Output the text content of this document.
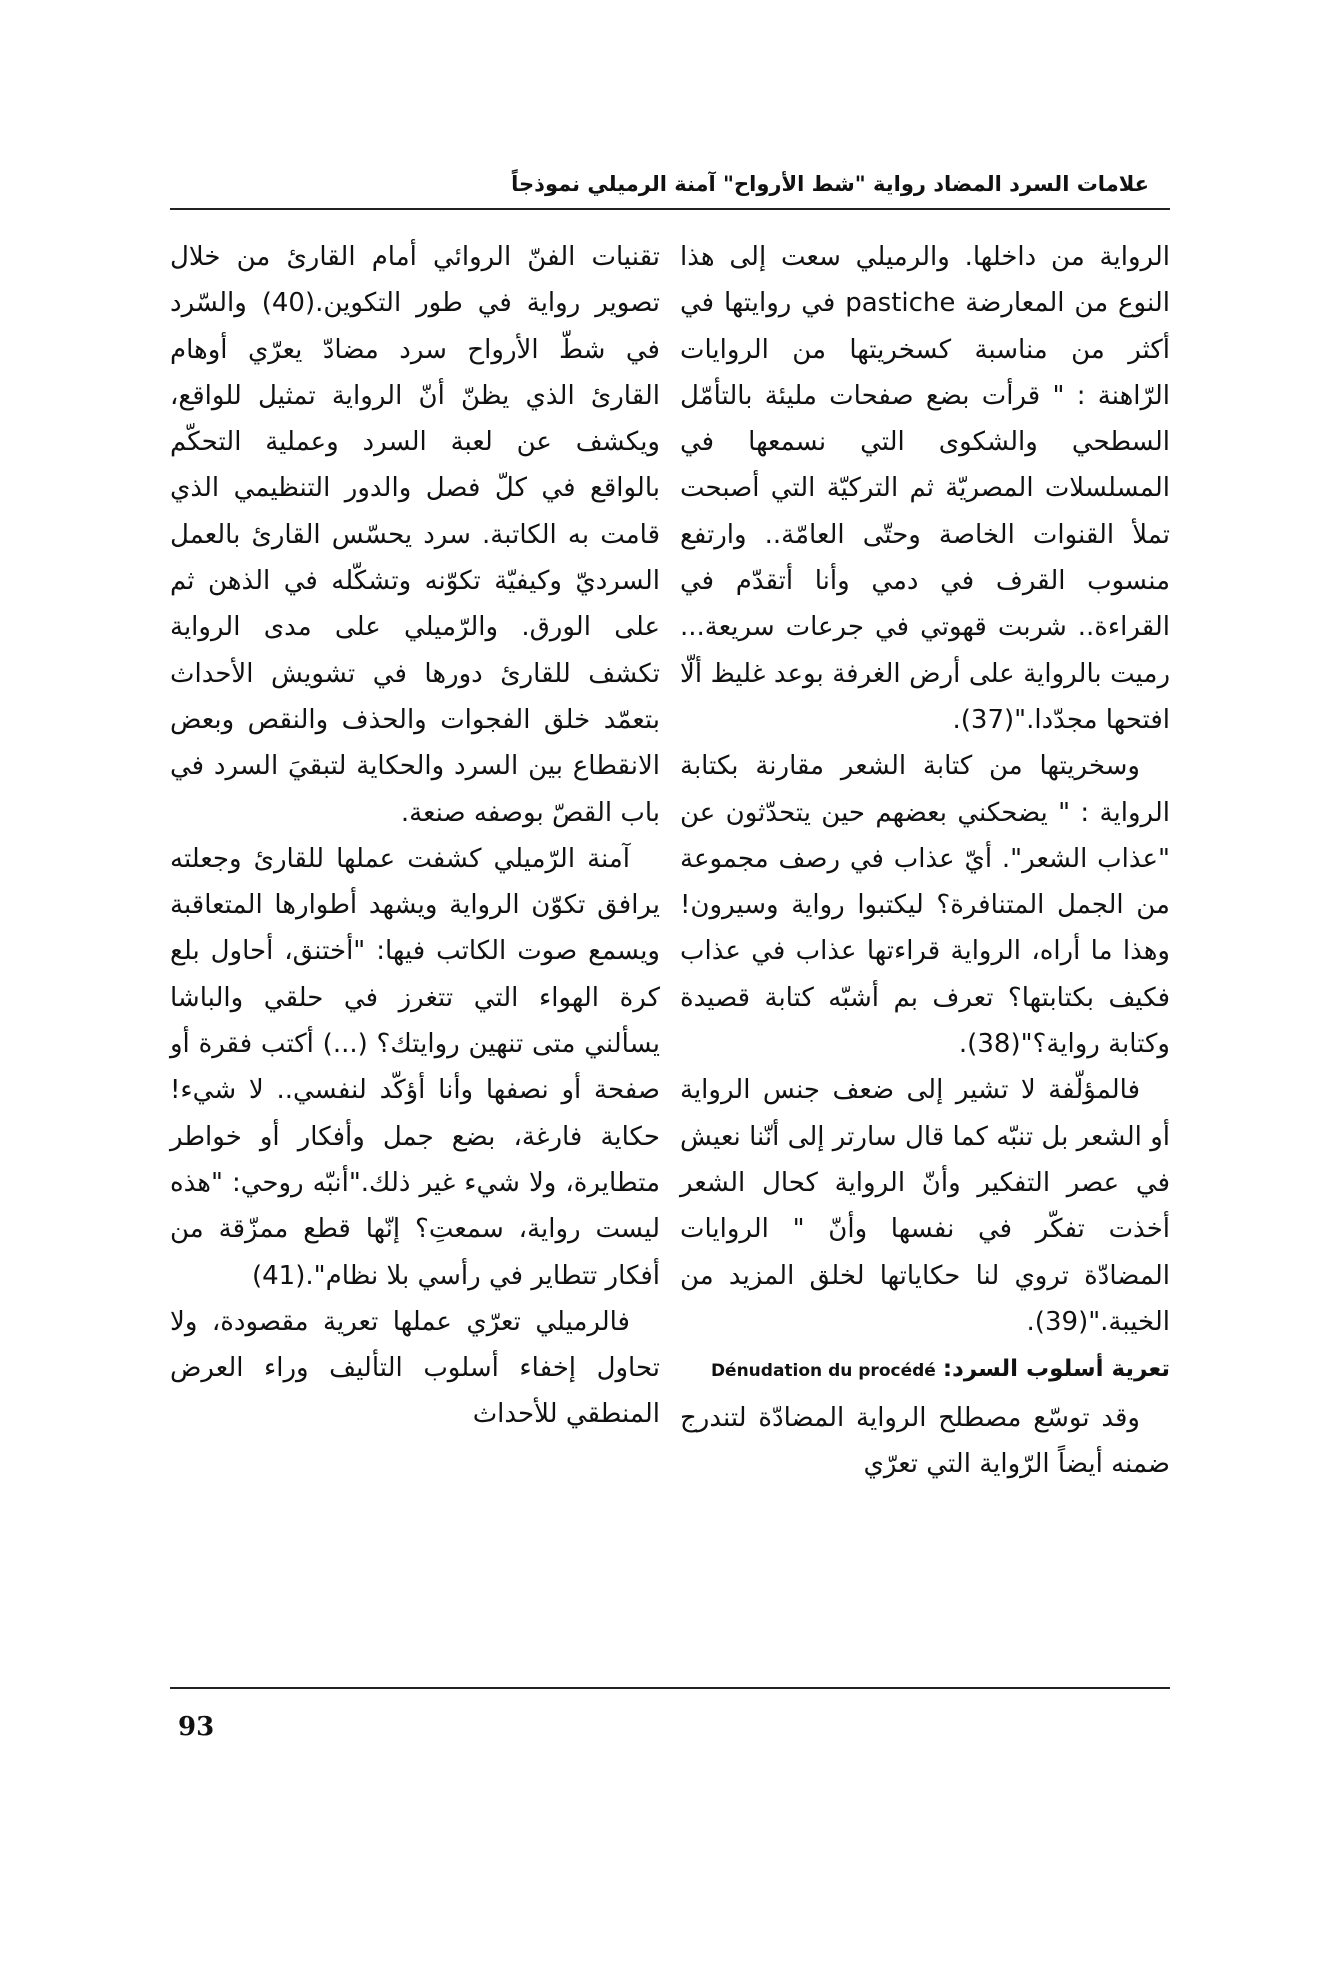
علامات السرد المضاد رواية "شط الأرواح" آمنة الرميلي نموذجاً

الرواية من داخلها. والرميلي سعت إلى هذا النوع من المعارضة pastiche في روايتها في أكثر من مناسبة كسخريتها من الروايات الرّاهنة : " قرأت بضع صفحات مليئة بالتأمّل السطحي والشكوى التي نسمعها في المسلسلات المصريّة ثم التركيّة التي أصبحت تملأ القنوات الخاصة وحتّى العامّة.. وارتفع منسوب القرف في دمي وأنا أتقدّم في القراءة.. شربت قهوتي في جرعات سريعة... رميت بالرواية على أرض الغرفة بوعد غليظ ألّا افتحها مجدّدا."(37).

وسخريتها من كتابة الشعر مقارنة بكتابة الرواية : " يضحكني بعضهم حين يتحدّثون عن "عذاب الشعر". أيّ عذاب في رصف مجموعة من الجمل المتنافرة؟ ليكتبوا رواية وسيرون! وهذا ما أراه، الرواية قراءتها عذاب في عذاب فكيف بكتابتها؟ تعرف بم أشبّه كتابة قصيدة وكتابة رواية؟"(38).

فالمؤلّفة لا تشير إلى ضعف جنس الرواية أو الشعر بل تنبّه كما قال سارتر إلى أنّنا نعيش في عصر التفكير وأنّ الرواية كحال الشعر أخذت تفكّر في نفسها وأنّ " الروايات المضادّة تروي لنا حكاياتها لخلق المزيد من الخيبة."(39).

تعرية أسلوب السرد: Dénudation du procédé

وقد توسّع مصطلح الرواية المضادّة لتندرج ضمنه أيضاً الرّواية التي تعرّي

تقنيات الفنّ الروائي أمام القارئ من خلال تصوير رواية في طور التكوين.(40) والسّرد في شطّ الأرواح سرد مضادّ يعرّي أوهام القارئ الذي يظنّ أنّ الرواية تمثيل للواقع، ويكشف عن لعبة السرد وعملية التحكّم بالواقع في كلّ فصل والدور التنظيمي الذي قامت به الكاتبة. سرد يحسّس القارئ بالعمل السرديّ وكيفيّة تكوّنه وتشكّله في الذهن ثم على الورق. والرّميلي على مدى الرواية تكشف للقارئ دورها في تشويش الأحداث بتعمّد خلق الفجوات والحذف والنقص وبعض الانقطاع بين السرد والحكاية لتبقيَ السرد في باب القصّ بوصفه صنعة.

آمنة الرّميلي كشفت عملها للقارئ وجعلته يرافق تكوّن الرواية ويشهد أطوارها المتعاقبة ويسمع صوت الكاتب فيها: "أختنق، أحاول بلع كرة الهواء التي تتغرز في حلقي والباشا يسألني متى تنهين روايتك؟ (...) أكتب فقرة أو صفحة أو نصفها وأنا أؤكّد لنفسي.. لا شيء! حكاية فارغة، بضع جمل وأفكار أو خواطر متطايرة، ولا شيء غير ذلك."أنبّه روحي: "هذه ليست رواية، سمعتِ؟ إنّها قطع ممزّقة من أفكار تتطاير في رأسي بلا نظام".(41)

فالرميلي تعرّي عملها تعرية مقصودة، ولا تحاول إخفاء أسلوب التأليف وراء العرض المنطقي للأحداث

93
